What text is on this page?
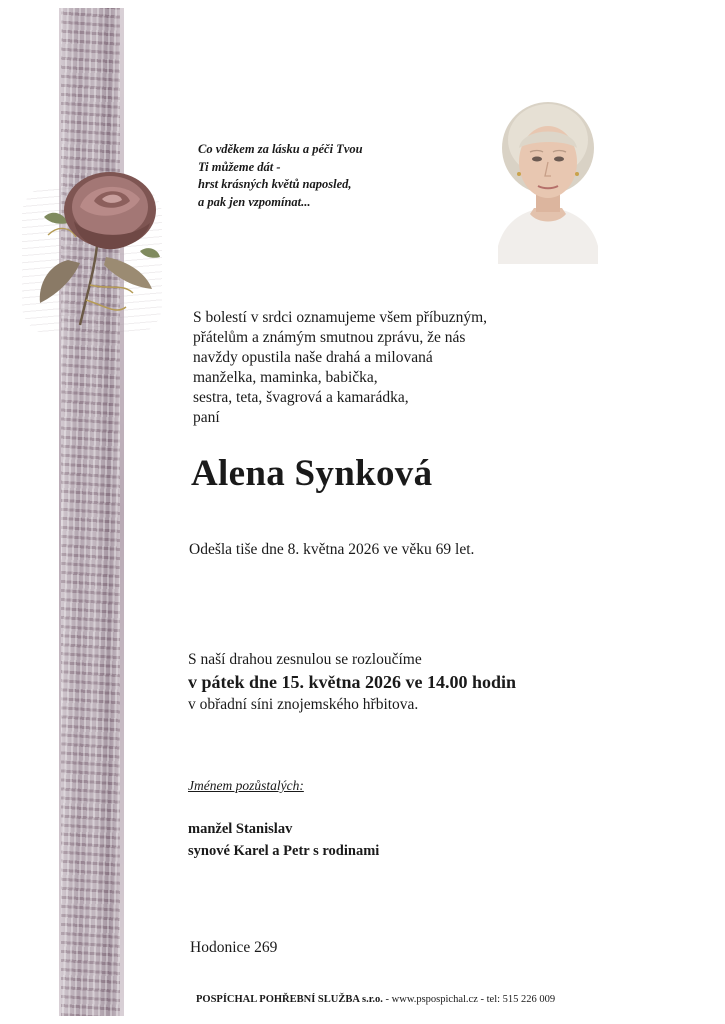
Co vděkem za lásku a péči Tvou
Ti můžeme dát -
hrst krásných květů naposled,
a pak jen vzpomínat...
S bolestí v srdci oznamujeme všem příbuzným,
přátelům a známým smutnou zprávu, že nás
navždy opustila naše drahá a milovaná
manželka, maminka, babička,
sestra, teta, švagrová a kamarádka,
paní
Alena Synková
Odešla tiše dne 8. května 2026 ve věku 69 let.
S naší drahou zesnulou se rozloučíme
v pátek dne 15. května 2026 ve 14.00 hodin
v obřadní síni znojemského hřbitova.
Jménem pozůstalých:
manžel Stanislav
synové Karel a Petr s rodinami
Hodonice 269
POSPÍCHAL POHŘEBNÍ SLUŽBA s.r.o. - www.pspospichal.cz - tel: 515 226 009
